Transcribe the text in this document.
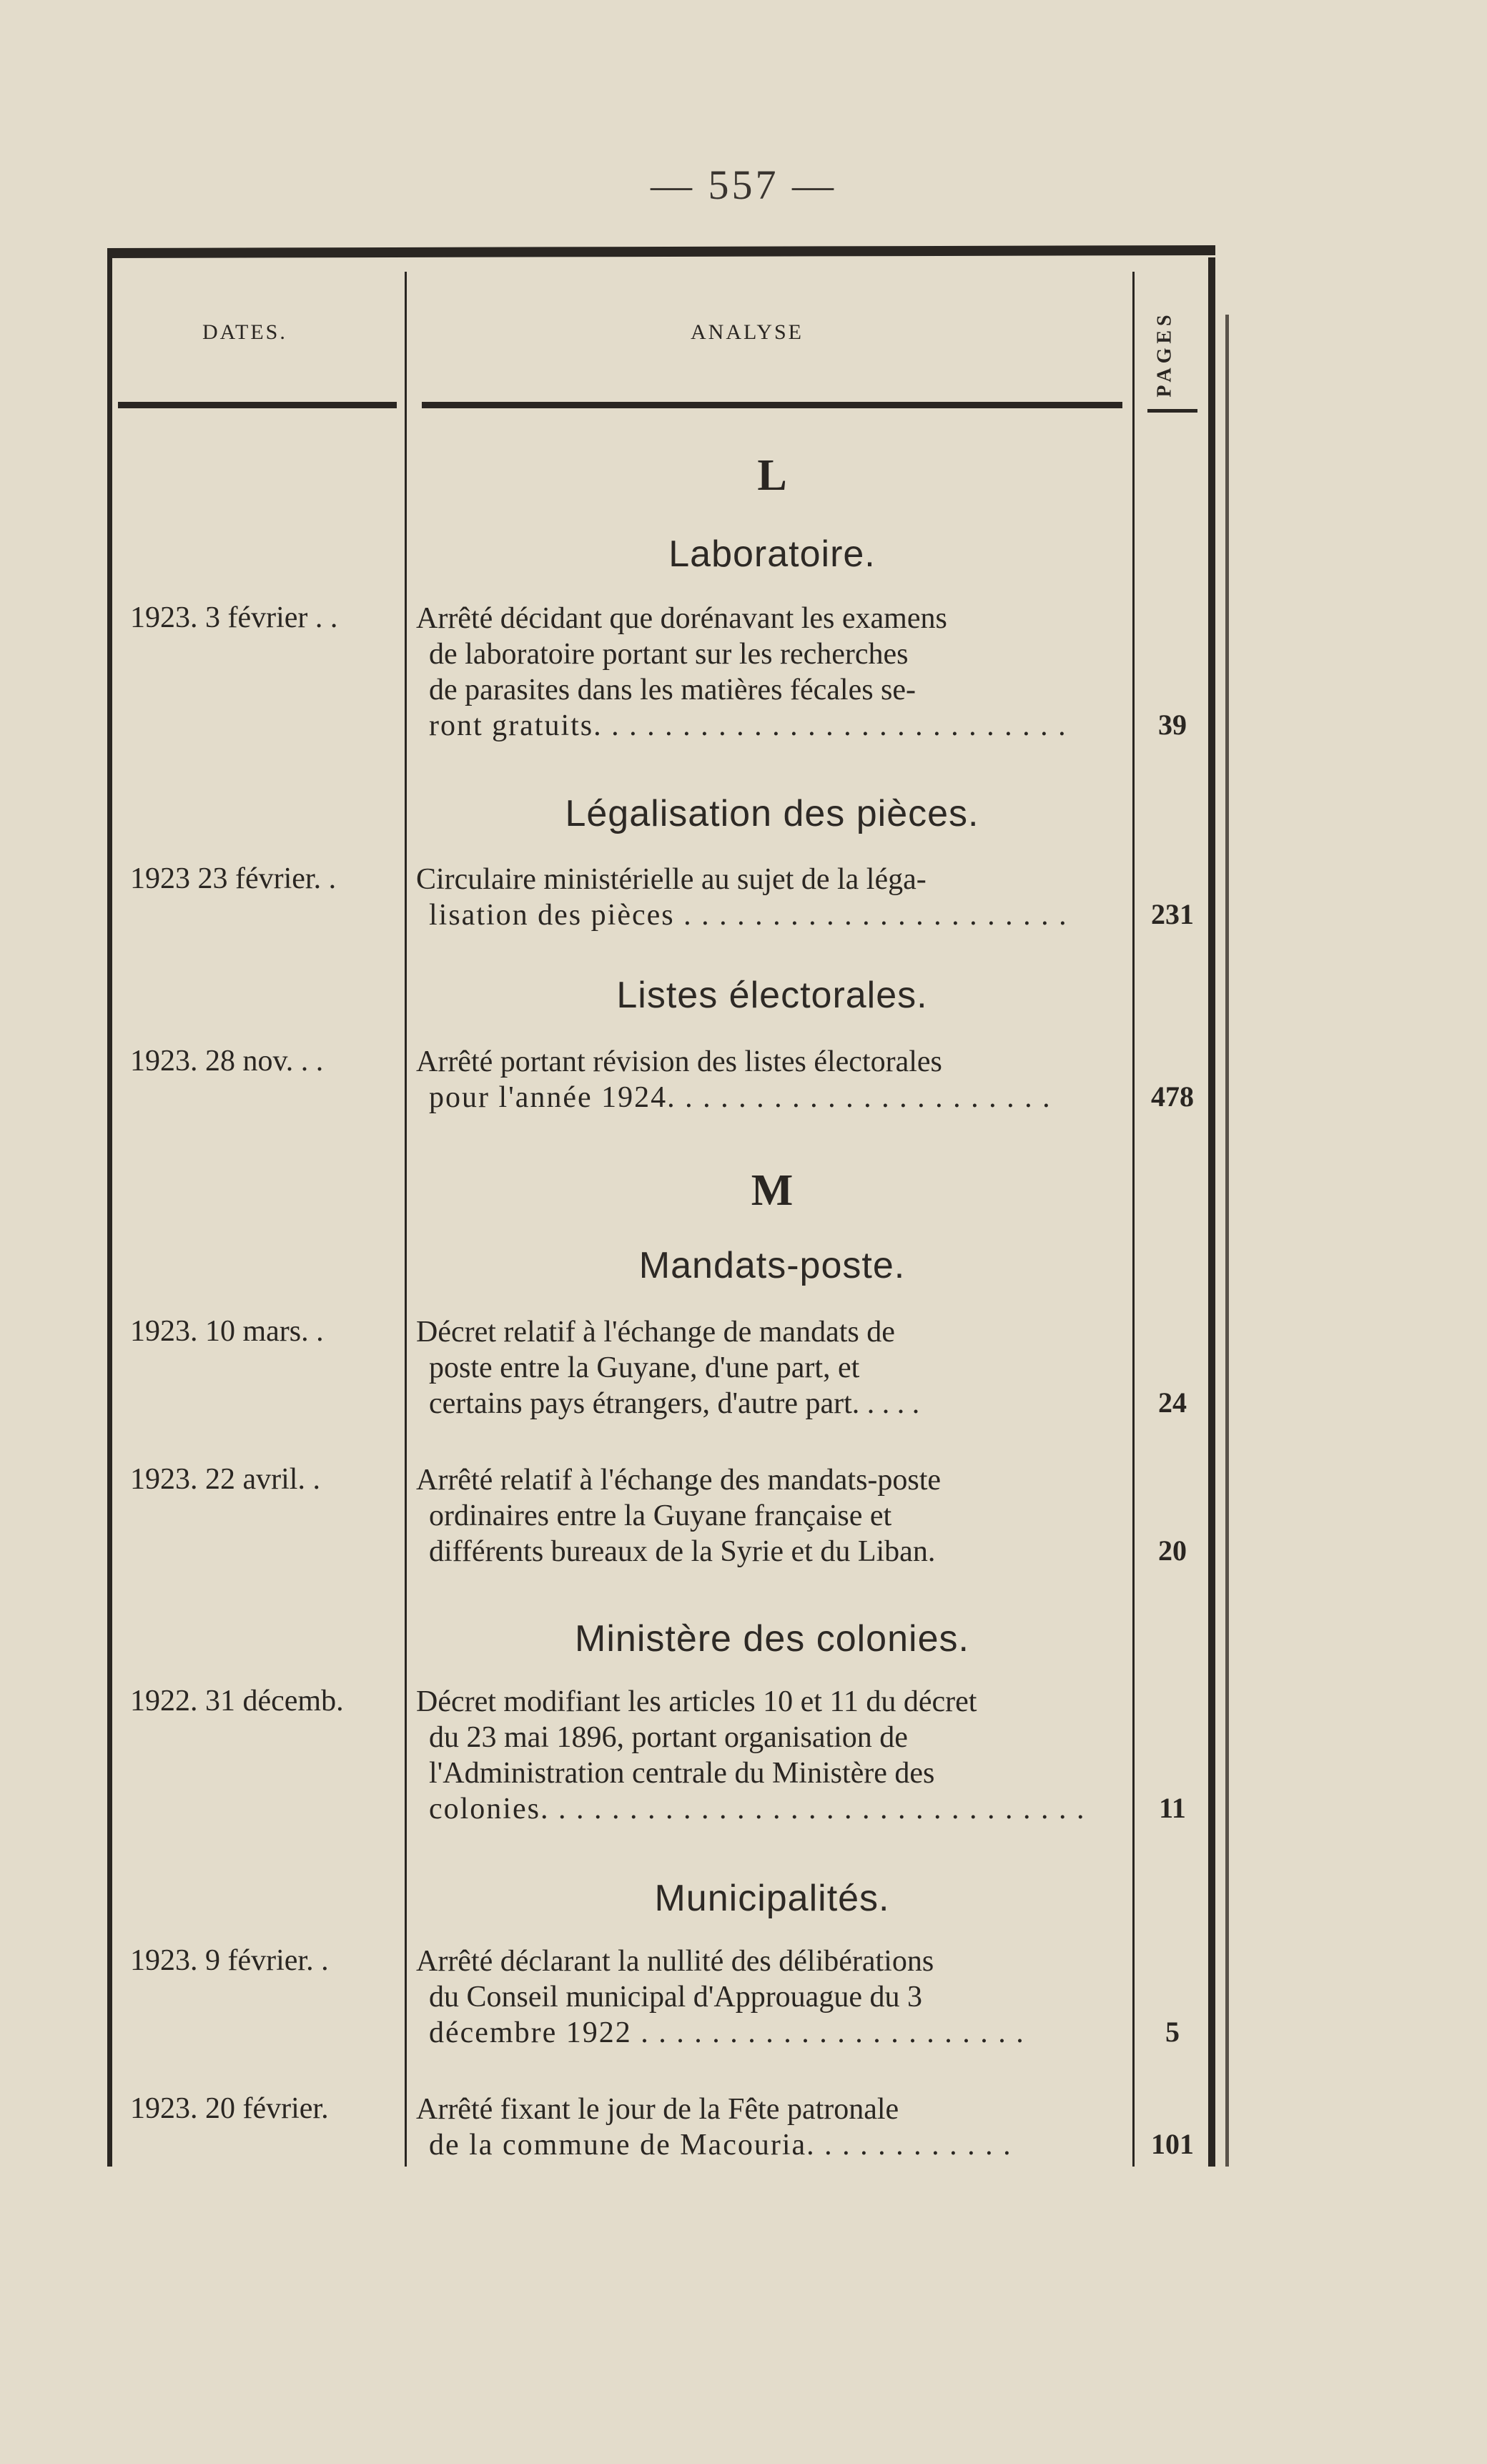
— 557 —
DATES.	ANALYSE	PAGES
L
Laboratoire.
Légalisation des pièces.
Listes électorales.
M
Mandats-poste.
Ministère des colonies.
Municipalités.
1923. 3 février . .	Arrêté décidant que dorénavant les examens
de laboratoire portant sur les recherches
de parasites dans les matières fécales se-
ront gratuits. . . . . . . . . . . . . . . . . . . . . . . . . . .	39
1923 23 février. .	Circulaire ministérielle au sujet de la léga-
lisation des pièces . . . . . . . . . . . . . . . . . . . . . .	231
1923. 28 nov. . .	Arrêté portant révision des listes électorales
pour l'année 1924. . . . . . . . . . . . . . . . . . . . . .	478
1923. 10 mars. .	Décret relatif à l'échange de mandats de
poste entre la Guyane, d'une part, et
certains pays étrangers, d'autre part. . . . .	24
1923. 22 avril. .	Arrêté relatif à l'échange des mandats-poste
ordinaires entre la Guyane française et
différents bureaux de la Syrie et du Liban.	20
1922. 31 décemb.	Décret modifiant les articles 10 et 11 du décret
du 23 mai 1896, portant organisation de
l'Administration centrale du Ministère des
colonies. . . . . . . . . . . . . . . . . . . . . . . . . . . . . . .	11
1923. 9 février. .	Arrêté déclarant la nullité des délibérations
du Conseil municipal d'Approuague du 3
décembre 1922 . . . . . . . . . . . . . . . . . . . . . .	5
1923. 20 février.	Arrêté fixant le jour de la Fête patronale
de la commune de Macouria. . . . . . . . . . . .	101
